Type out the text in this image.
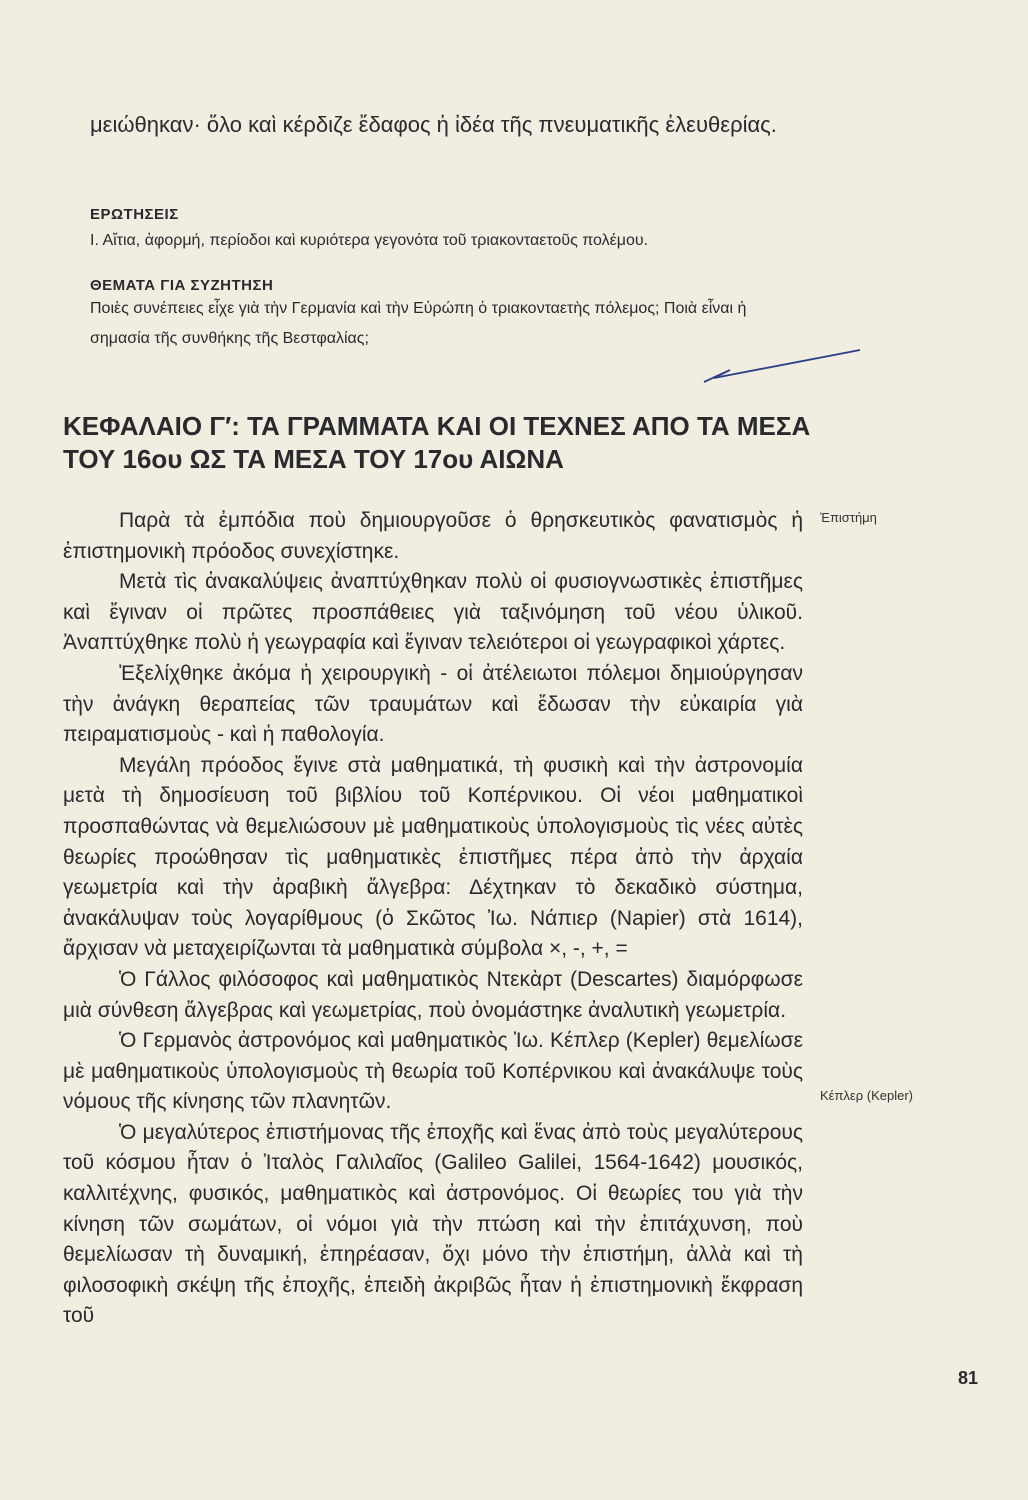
μειώθηκαν· ὅλο καὶ κέρδιζε ἔδαφος ἡ ἰδέα τῆς πνευματικῆς ἐλευθερίας.

ΕΡΩΤΗΣΕΙΣ

Ι. Αἴτια, ἀφορμή, περίοδοι καὶ κυριότερα γεγονότα τοῦ τριακονταετοῦς πολέμου.

ΘΕΜΑΤΑ ΓΙΑ ΣΥΖΗΤΗΣΗ

Ποιὲς συνέπειες εἶχε γιὰ τὴν Γερμανία καὶ τὴν Εὐρώπη ὁ τριακονταετὴς πόλεμος; Ποιὰ εἶναι ἡ σημασία τῆς συνθήκης τῆς Βεστφαλίας;

ΚΕΦΑΛΑΙΟ Γ′: ΤΑ ΓΡΑΜΜΑΤΑ ΚΑΙ ΟΙ ΤΕΧΝΕΣ ΑΠΟ ΤΑ ΜΕΣΑ ΤΟΥ 16ου ΩΣ ΤΑ ΜΕΣΑ ΤΟΥ 17ου ΑΙΩΝΑ

Παρὰ τὰ ἐμπόδια ποὺ δημιουργοῦσε ὁ θρησκευτικὸς φανατισμὸς ἡ ἐπιστημονικὴ πρόοδος συνεχίστηκε.

Μετὰ τὶς ἀνακαλύψεις ἀναπτύχθηκαν πολὺ οἱ φυσιογνωστικὲς ἐπιστῆμες καὶ ἔγιναν οἱ πρῶτες προσπάθειες γιὰ ταξινόμηση τοῦ νέου ὑλικοῦ. Ἀναπτύχθηκε πολὺ ἡ γεωγραφία καὶ ἔγιναν τελειότεροι οἱ γεωγραφικοὶ χάρτες.

Ἐξελίχθηκε ἀκόμα ἡ χειρουργικὴ - οἱ ἀτέλειωτοι πόλεμοι δημιούργησαν τὴν ἀνάγκη θεραπείας τῶν τραυμάτων καὶ ἔδωσαν τὴν εὐκαιρία γιὰ πειραματισμοὺς - καὶ ἡ παθολογία.

Μεγάλη πρόοδος ἔγινε στὰ μαθηματικά, τὴ φυσικὴ καὶ τὴν ἀστρονομία μετὰ τὴ δημοσίευση τοῦ βιβλίου τοῦ Κοπέρνικου. Οἱ νέοι μαθηματικοὶ προσπαθώντας νὰ θεμελιώσουν μὲ μαθηματικοὺς ὑπολογισμοὺς τὶς νέες αὐτὲς θεωρίες προώθησαν τὶς μαθηματικὲς ἐπιστῆμες πέρα ἀπὸ τὴν ἀρχαία γεωμετρία καὶ τὴν ἀραβικὴ ἄλγεβρα: Δέχτηκαν τὸ δεκαδικὸ σύστημα, ἀνακάλυψαν τοὺς λογαρίθμους (ὁ Σκῶτος Ἰω. Νάπιερ (Napier) στὰ 1614), ἄρχισαν νὰ μεταχειρίζωνται τὰ μαθηματικὰ σύμβολα ×, -, +, =

Ὁ Γάλλος φιλόσοφος καὶ μαθηματικὸς Ντεκὰρτ (Descartes) διαμόρφωσε μιὰ σύνθεση ἄλγεβρας καὶ γεωμετρίας, ποὺ ὀνομάστηκε ἀναλυτικὴ γεωμετρία.

Ὁ Γερμανὸς ἀστρονόμος καὶ μαθηματικὸς Ἰω. Κέπλερ (Kepler) θεμελίωσε μὲ μαθηματικοὺς ὑπολογισμοὺς τὴ θεωρία τοῦ Κοπέρνικου καὶ ἀνακάλυψε τοὺς νόμους τῆς κίνησης τῶν πλανητῶν.

Ὁ μεγαλύτερος ἐπιστήμονας τῆς ἐποχῆς καὶ ἕνας ἀπὸ τοὺς μεγαλύτερους τοῦ κόσμου ἦταν ὁ Ἰταλὸς Γαλιλαῖος (Galileo Galilei, 1564-1642) μουσικός, καλλιτέχνης, φυσικός, μαθηματικὸς καὶ ἀστρονόμος. Οἱ θεωρίες του γιὰ τὴν κίνηση τῶν σωμάτων, οἱ νόμοι γιὰ τὴν πτώση καὶ τὴν ἐπιτάχυνση, ποὺ θεμελίωσαν τὴ δυναμική, ἐπηρέασαν, ὄχι μόνο τὴν ἐπιστήμη, ἀλλὰ καὶ τὴ φιλοσοφικὴ σκέψη τῆς ἐποχῆς, ἐπειδὴ ἀκριβῶς ἦταν ἡ ἐπιστημονικὴ ἔκφραση τοῦ

Ἐπιστήμη

Κέπλερ (Kepler)

81
